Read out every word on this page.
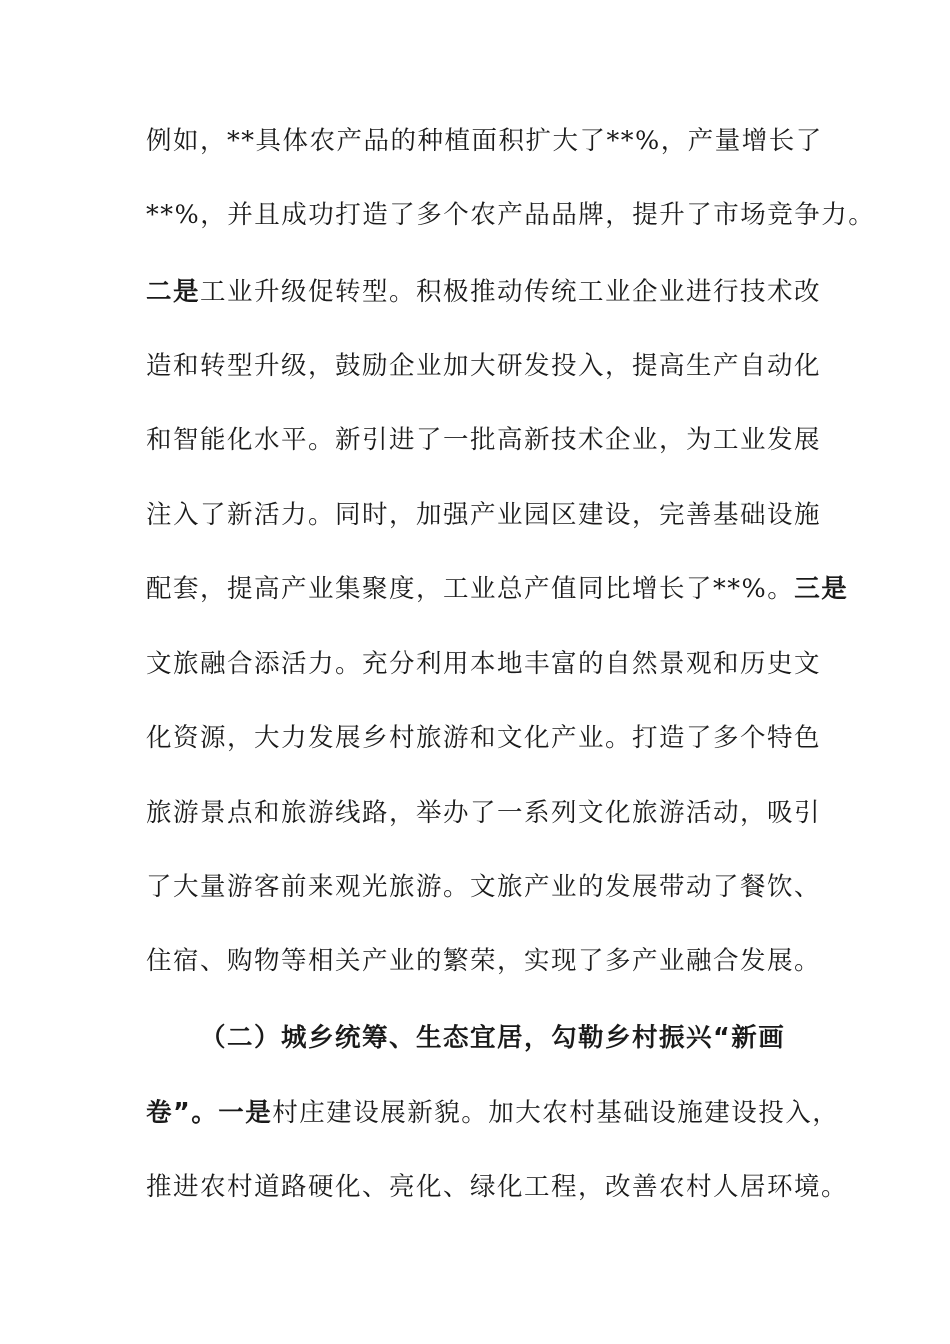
例如，**具体农产品的种植面积扩大了**%，产量增长了
**%，并且成功打造了多个农产品品牌，提升了市场竞争力。
二是工业升级促转型。积极推动传统工业企业进行技术改
造和转型升级，鼓励企业加大研发投入，提高生产自动化
和智能化水平。新引进了一批高新技术企业，为工业发展
注入了新活力。同时，加强产业园区建设，完善基础设施
配套，提高产业集聚度，工业总产值同比增长了**%。三是
文旅融合添活力。充分利用本地丰富的自然景观和历史文
化资源，大力发展乡村旅游和文化产业。打造了多个特色
旅游景点和旅游线路，举办了一系列文化旅游活动，吸引
了大量游客前来观光旅游。文旅产业的发展带动了餐饮、
住宿、购物等相关产业的繁荣，实现了多产业融合发展。
（二）城乡统筹、生态宜居，勾勒乡村振兴“新画
卷”。一是村庄建设展新貌。加大农村基础设施建设投入，
推进农村道路硬化、亮化、绿化工程，改善农村人居环境。
